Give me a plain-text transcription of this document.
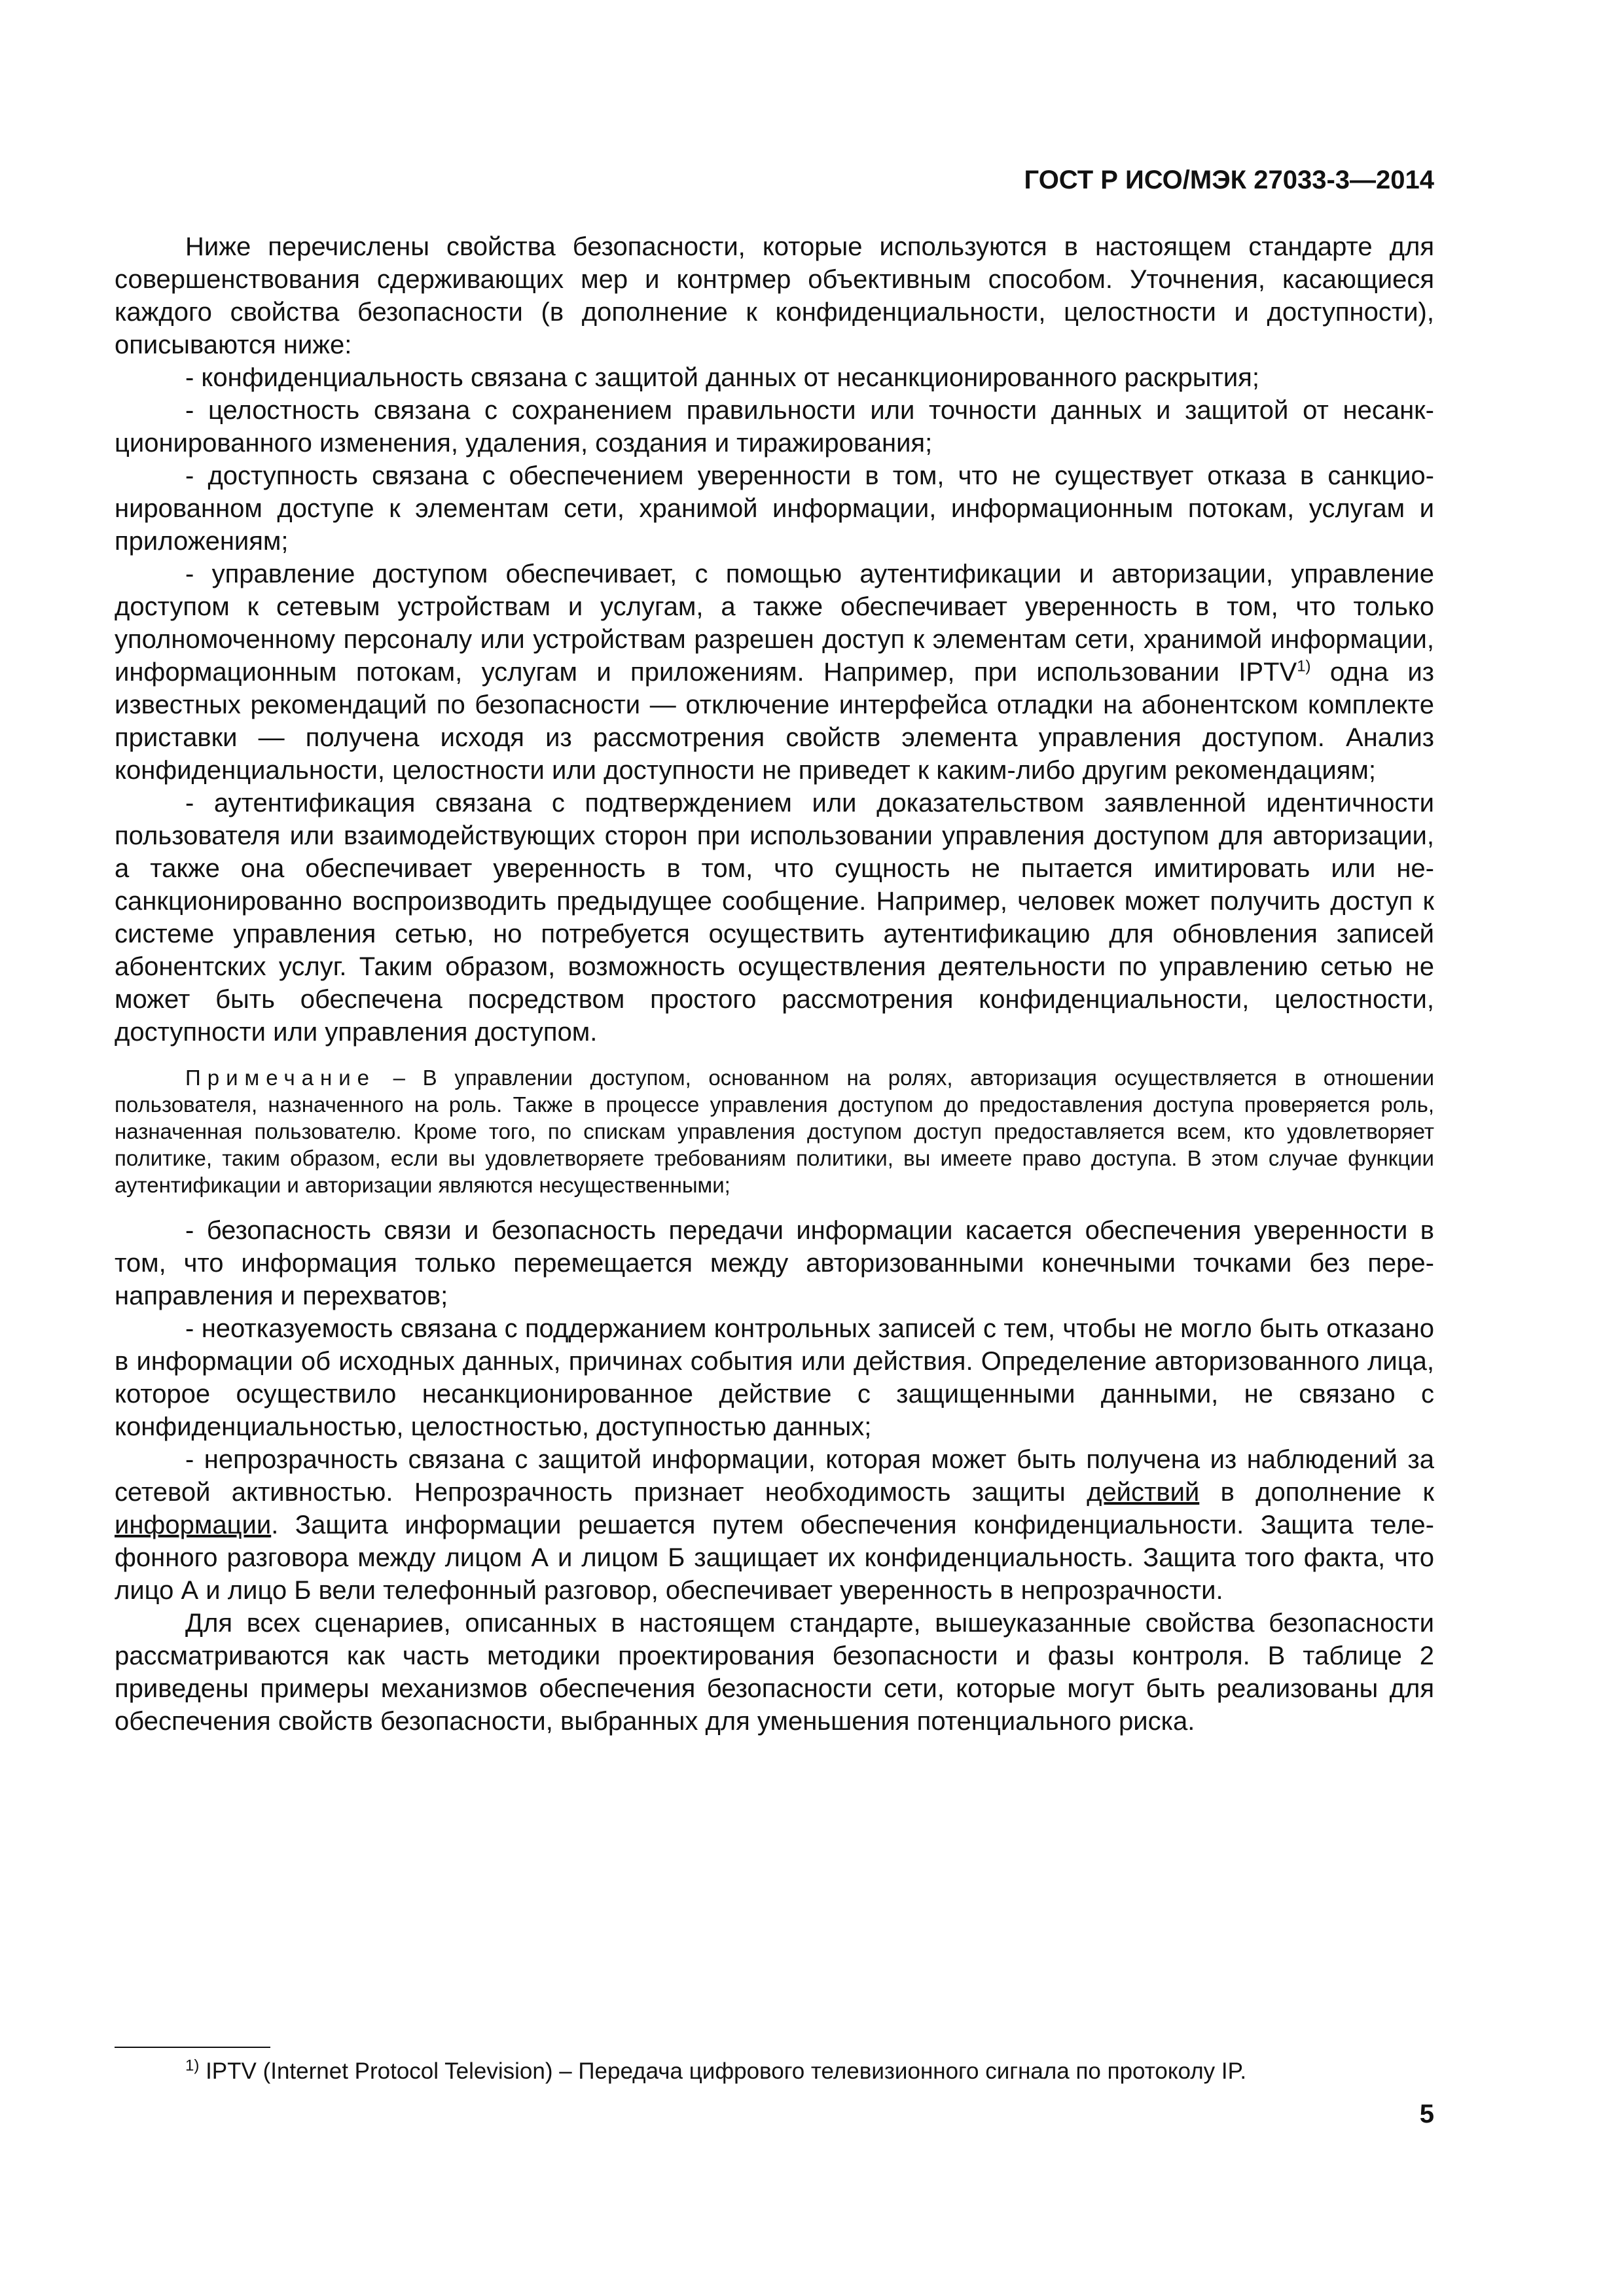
ГОСТ Р ИСО/МЭК 27033-3—2014

Ниже перечислены свойства безопасности, которые используются в настоящем стандарте для совершенствования сдерживающих мер и контрмер объективным способом. Уточнения, касающиеся каждого свойства безопасности (в дополнение к конфиденциальности, целостности и доступности), описываются ниже:

- конфиденциальность связана с защитой данных от несанкционированного раскрытия;

- целостность связана с сохранением правильности или точности данных и защитой от несанкционированного изменения, удаления, создания и тиражирования;

- доступность связана с обеспечением уверенности в том, что не существует отказа в санкционированном доступе к элементам сети, хранимой информации, информационным потокам, услугам и приложениям;

- управление доступом обеспечивает, с помощью аутентификации и авторизации, управление доступом к сетевым устройствам и услугам, а также обеспечивает уверенность в том, что только уполномоченному персоналу или устройствам разрешен доступ к элементам сети, хранимой информации, информационным потокам, услугам и приложениям. Например, при использовании IPTV$^{1)}$ одна из известных рекомендаций по безопасности — отключение интерфейса отладки на абонентском комплекте приставки — получена исходя из рассмотрения свойств элемента управления доступом. Анализ конфиденциальности, целостности или доступности не приведет к каким-либо другим рекомендациям;

- аутентификация связана с подтверждением или доказательством заявленной идентичности пользователя или взаимодействующих сторон при использовании управления доступом для авторизации, а также она обеспечивает уверенность в том, что сущность не пытается имитировать или несанкционированно воспроизводить предыдущее сообщение. Например, человек может получить доступ к системе управления сетью, но потребуется осуществить аутентификацию для обновления записей абонентских услуг. Таким образом, возможность осуществления деятельности по управлению сетью не может быть обеспечена посредством простого рассмотрения конфиденциальности, целостности, доступности или управления доступом.

Примечание – В управлении доступом, основанном на ролях, авторизация осуществляется в отношении пользователя, назначенного на роль. Также в процессе управления доступом до предоставления доступа проверяется роль, назначенная пользователю. Кроме того, по спискам управления доступом доступ предоставляется всем, кто удовлетворяет политике, таким образом, если вы удовлетворяете требованиям политики, вы имеете право доступа. В этом случае функции аутентификации и авторизации являются несущественными;

- безопасность связи и безопасность передачи информации касается обеспечения уверенности в том, что информация только перемещается между авторизованными конечными точками без перенаправления и перехватов;

- неотказуемость связана с поддержанием контрольных записей с тем, чтобы не могло быть отказано в информации об исходных данных, причинах события или действия. Определение авторизованного лица, которое осуществило несанкционированное действие с защищенными данными, не связано с конфиденциальностью, целостностью, доступностью данных;

- непрозрачность связана с защитой информации, которая может быть получена из наблюдений за сетевой активностью. Непрозрачность признает необходимость защиты действий в дополнение к информации. Защита информации решается путем обеспечения конфиденциальности. Защита телефонного разговора между лицом А и лицом Б защищает их конфиденциальность. Защита того факта, что лицо А и лицо Б вели телефонный разговор, обеспечивает уверенность в непрозрачности.

Для всех сценариев, описанных в настоящем стандарте, вышеуказанные свойства безопасности рассматриваются как часть методики проектирования безопасности и фазы контроля. В таблице 2 приведены примеры механизмов обеспечения безопасности сети, которые могут быть реализованы для обеспечения свойств безопасности, выбранных для уменьшения потенциального риска.

$^{1)}$ IPTV (Internet Protocol Television) – Передача цифрового телевизионного сигнала по протоколу IP.
5
